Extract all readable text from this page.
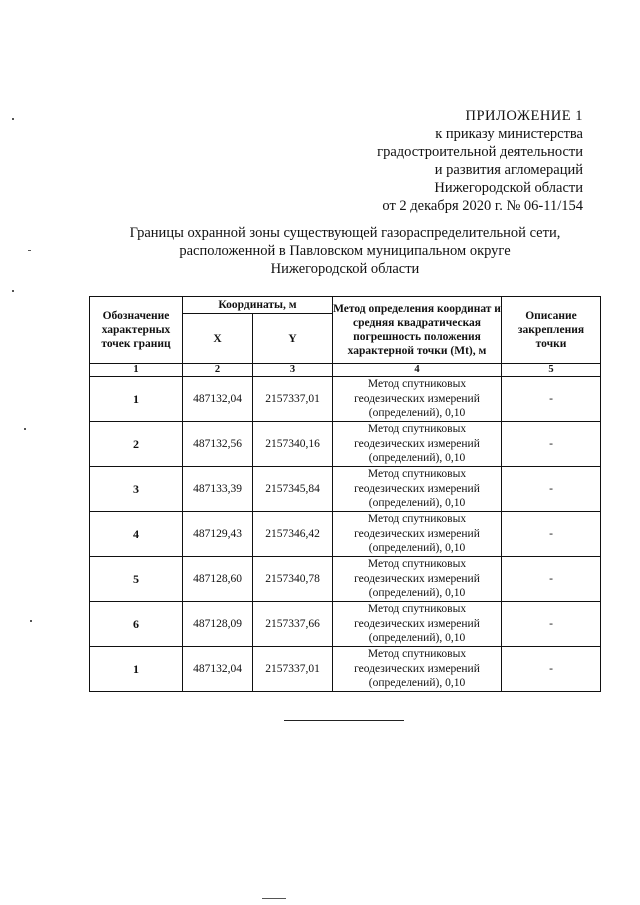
ПРИЛОЖЕНИЕ 1
к приказу министерства
градостроительной деятельности
и развития агломераций
Нижегородской области
от 2 декабря 2020 г. № 06-11/154
Границы охранной зоны существующей газораспределительной сети,
расположенной в Павловском муниципальном округе
Нижегородской области
Обозначение характерных точек границ	Координаты, м		Метод определения координат и средняя квадратическая погрешность положения характерной точки (Mt), м	Описание закрепления точки
	X	Y		
1	2	3	4	5
1	487132,04	2157337,01	Метод спутниковых
геодезических измерений
(определений), 0,10	-
2	487132,56	2157340,16	Метод спутниковых
геодезических измерений
(определений), 0,10	-
3	487133,39	2157345,84	Метод спутниковых
геодезических измерений
(определений), 0,10	-
4	487129,43	2157346,42	Метод спутниковых
геодезических измерений
(определений), 0,10	-
5	487128,60	2157340,78	Метод спутниковых
геодезических измерений
(определений), 0,10	-
6	487128,09	2157337,66	Метод спутниковых
геодезических измерений
(определений), 0,10	-
1	487132,04	2157337,01	Метод спутниковых
геодезических измерений
(определений), 0,10	-
